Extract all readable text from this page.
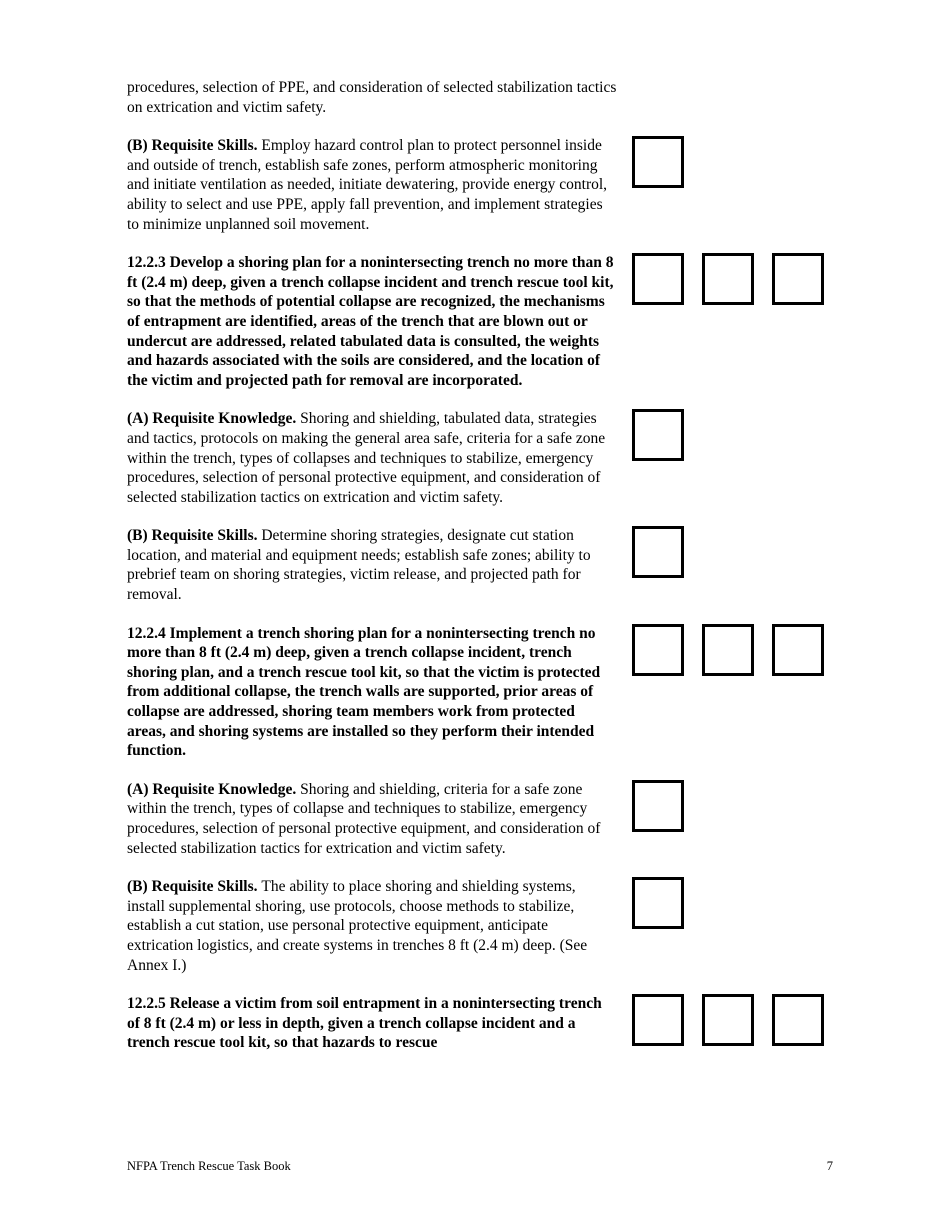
procedures, selection of PPE, and consideration of selected stabilization tactics on extrication and victim safety.
(B) Requisite Skills. Employ hazard control plan to protect personnel inside and outside of trench, establish safe zones, perform atmospheric monitoring and initiate ventilation as needed, initiate dewatering, provide energy control, ability to select and use PPE, apply fall prevention, and implement strategies to minimize unplanned soil movement.
12.2.3 Develop a shoring plan for a nonintersecting trench no more than 8 ft (2.4 m) deep, given a trench collapse incident and trench rescue tool kit, so that the methods of potential collapse are recognized, the mechanisms of entrapment are identified, areas of the trench that are blown out or undercut are addressed, related tabulated data is consulted, the weights and hazards associated with the soils are considered, and the location of the victim and projected path for removal are incorporated.
(A) Requisite Knowledge. Shoring and shielding, tabulated data, strategies and tactics, protocols on making the general area safe, criteria for a safe zone within the trench, types of collapses and techniques to stabilize, emergency procedures, selection of personal protective equipment, and consideration of selected stabilization tactics on extrication and victim safety.
(B) Requisite Skills. Determine shoring strategies, designate cut station location, and material and equipment needs; establish safe zones; ability to prebrief team on shoring strategies, victim release, and projected path for removal.
12.2.4 Implement a trench shoring plan for a nonintersecting trench no more than 8 ft (2.4 m) deep, given a trench collapse incident, trench shoring plan, and a trench rescue tool kit, so that the victim is protected from additional collapse, the trench walls are supported, prior areas of collapse are addressed, shoring team members work from protected areas, and shoring systems are installed so they perform their intended function.
(A) Requisite Knowledge. Shoring and shielding, criteria for a safe zone within the trench, types of collapse and techniques to stabilize, emergency procedures, selection of personal protective equipment, and consideration of selected stabilization tactics for extrication and victim safety.
(B) Requisite Skills. The ability to place shoring and shielding systems, install supplemental shoring, use protocols, choose methods to stabilize, establish a cut station, use personal protective equipment, anticipate extrication logistics, and create systems in trenches 8 ft (2.4 m) deep. (See Annex I.)
12.2.5 Release a victim from soil entrapment in a nonintersecting trench of 8 ft (2.4 m) or less in depth, given a trench collapse incident and a trench rescue tool kit, so that hazards to rescue
NFPA Trench Rescue Task Book	7
